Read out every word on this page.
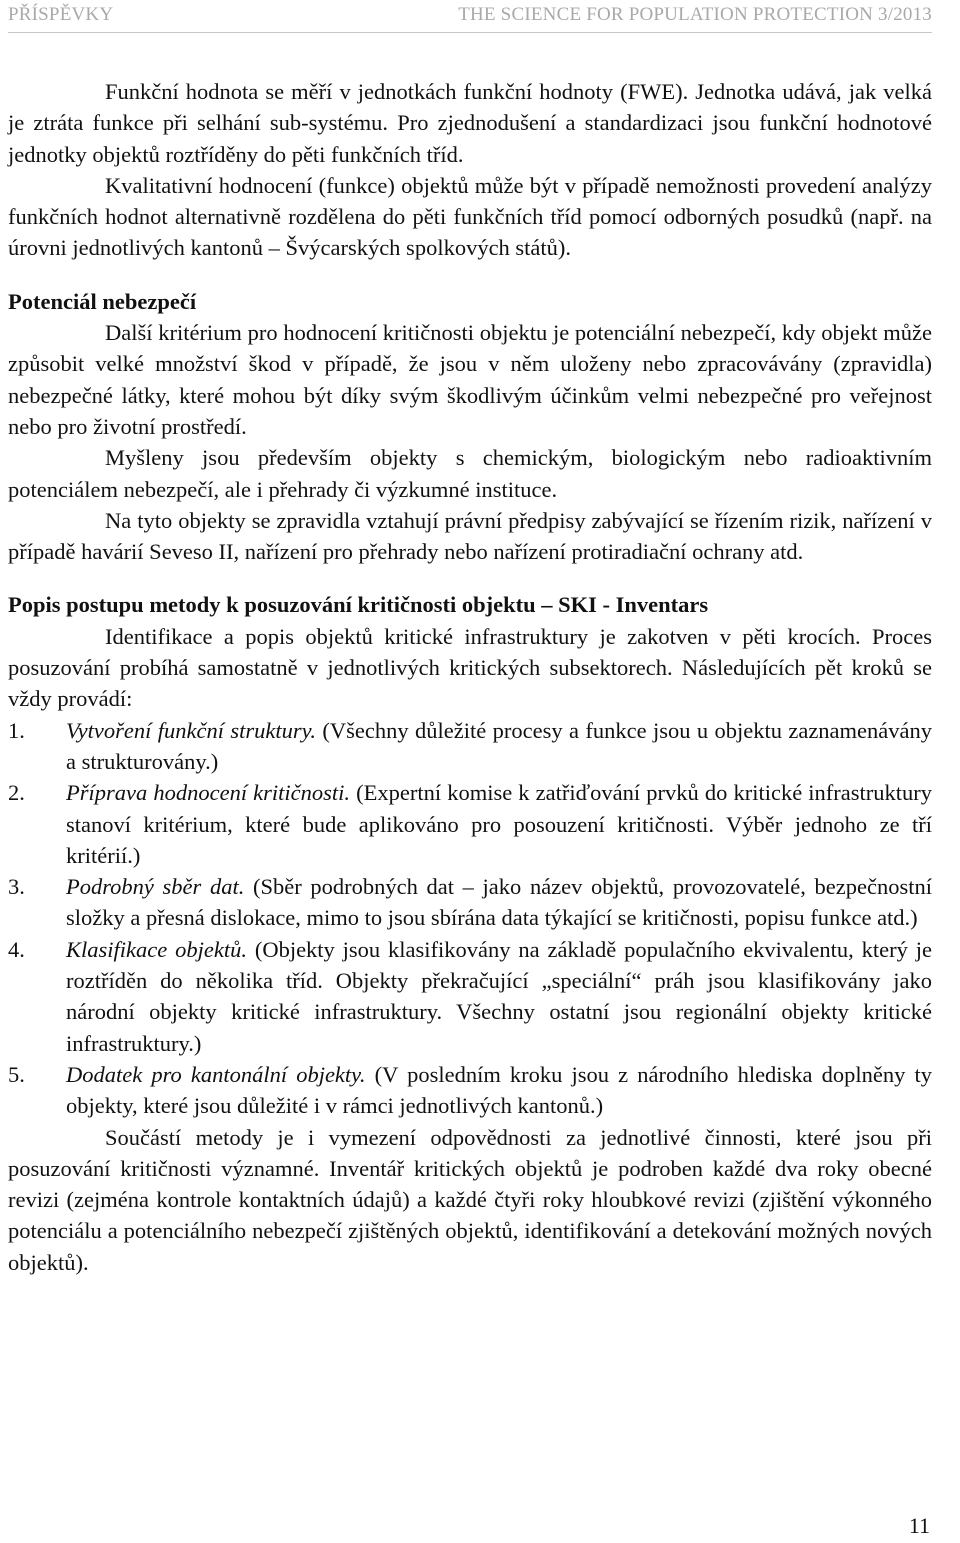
PŘÍSPĚVKY	THE SCIENCE FOR POPULATION PROTECTION 3/2013

Funkční hodnota se měří v jednotkách funkční hodnoty (FWE). Jednotka udává, jak velká je ztráta funkce při selhání sub-systému. Pro zjednodušení a standardizaci jsou funkční hodnotové jednotky objektů roztříděny do pěti funkčních tříd.

Kvalitativní hodnocení (funkce) objektů může být v případě nemožnosti provedení analýzy funkčních hodnot alternativně rozdělena do pěti funkčních tříd pomocí odborných posudků (např. na úrovni jednotlivých kantonů – Švýcarských spolkových států).

Potenciál nebezpečí

Další kritérium pro hodnocení kritičnosti objektu je potenciální nebezpečí, kdy objekt může způsobit velké množství škod v případě, že jsou v něm uloženy nebo zpracovávány (zpravidla) nebezpečné látky, které mohou být díky svým škodlivým účinkům velmi nebezpečné pro veřejnost nebo pro životní prostředí.

Myšleny jsou především objekty s chemickým, biologickým nebo radioaktivním potenciálem nebezpečí, ale i přehrady či výzkumné instituce.

Na tyto objekty se zpravidla vztahují právní předpisy zabývající se řízením rizik, nařízení v případě havárií Seveso II, nařízení pro přehrady nebo nařízení protiradiační ochrany atd.

Popis postupu metody k posuzování kritičnosti objektu – SKI - Inventars

Identifikace a popis objektů kritické infrastruktury je zakotven v pěti krocích. Proces posuzování probíhá samostatně v jednotlivých kritických subsektorech. Následujících pět kroků se vždy provádí:

1.	Vytvoření funkční struktury. (Všechny důležité procesy a funkce jsou u objektu zaznamenávány a strukturovány.)
2.	Příprava hodnocení kritičnosti. (Expertní komise k zatřiďování prvků do kritické infrastruktury stanoví kritérium, které bude aplikováno pro posouzení kritičnosti. Výběr jednoho ze tří kritérií.)
3.	Podrobný sběr dat. (Sběr podrobných dat – jako název objektů, provozovatelé, bezpečnostní složky a přesná dislokace, mimo to jsou sbírána data týkající se kritičnosti, popisu funkce atd.)
4.	Klasifikace objektů. (Objekty jsou klasifikovány na základě populačního ekvivalentu, který je roztříděn do několika tříd. Objekty překračující „speciální“ práh jsou klasifikovány jako národní objekty kritické infrastruktury. Všechny ostatní jsou regionální objekty kritické infrastruktury.)
5.	Dodatek pro kantonální objekty. (V posledním kroku jsou z národního hlediska doplněny ty objekty, které jsou důležité i v rámci jednotlivých kantonů.)

Součástí metody je i vymezení odpovědnosti za jednotlivé činnosti, které jsou při posuzování kritičnosti významné. Inventář kritických objektů je podroben každé dva roky obecné revizi (zejména kontrole kontaktních údajů) a každé čtyři roky hloubkové revizi (zjištění výkonného potenciálu a potenciálního nebezpečí zjištěných objektů, identifikování a detekování možných nových objektů).

11
